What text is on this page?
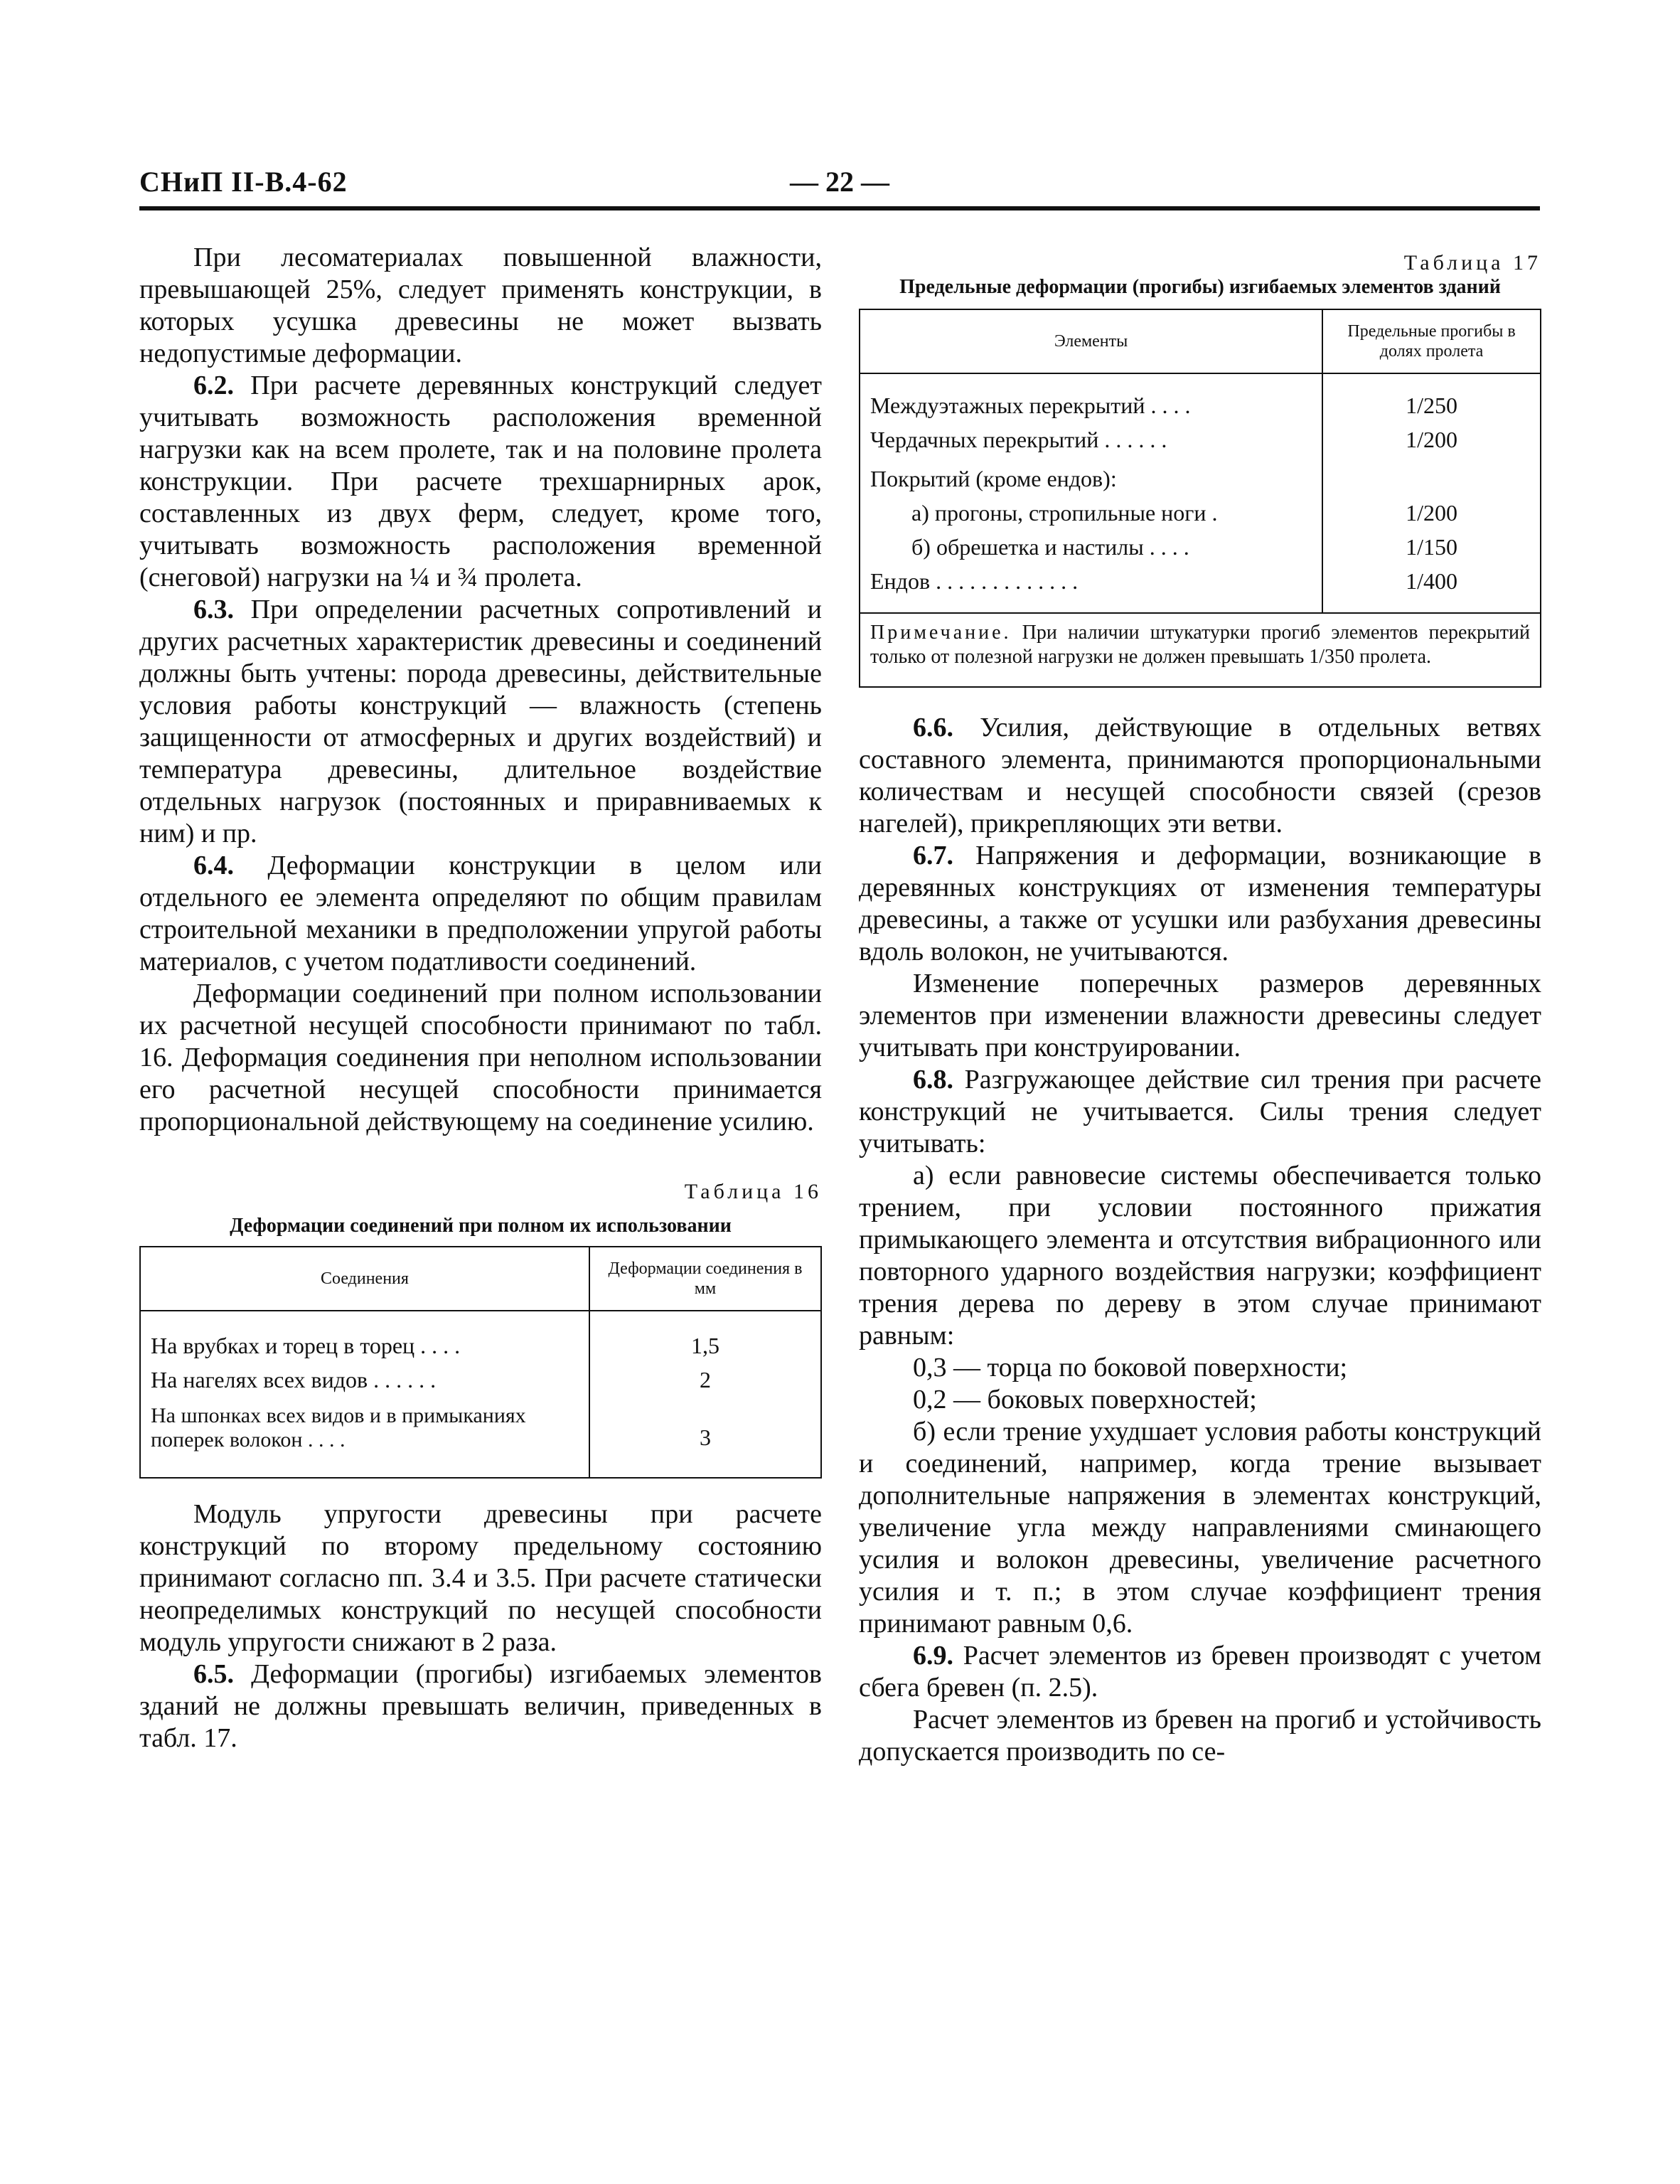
СНиП II-В.4-62	— 22 —

При лесоматериалах повышенной влажности, превышающей 25%, следует применять конструкции, в которых усушка древесины не может вызвать недопустимые деформации.

6.2. При расчете деревянных конструкций следует учитывать возможность расположения временной нагрузки как на всем пролете, так и на половине пролета конструкции. При расчете трехшарнирных арок, составленных из двух ферм, следует, кроме того, учитывать возможность расположения временной (снеговой) нагрузки на ¼ и ¾ пролета.

6.3. При определении расчетных сопротивлений и других расчетных характеристик древесины и соединений должны быть учтены: порода древесины, действительные условия работы конструкций — влажность (степень защищенности от атмосферных и других воздействий) и температура древесины, длительное воздействие отдельных нагрузок (постоянных и приравниваемых к ним) и пр.

6.4. Деформации конструкции в целом или отдельного ее элемента определяют по общим правилам строительной механики в предположении упругой работы материалов, с учетом податливости соединений.

Деформации соединений при полном использовании их расчетной несущей способности принимают по табл. 16. Деформация соединения при неполном использовании его расчетной несущей способности принимается пропорциональной действующему на соединение усилию.

Таблица 16
Деформации соединений при полном их использовании
Соединения	Деформации соединения в мм

На врубках и торец в торец . . . .	1,5
На нагелях всех видов . . . . . .	2
На шпонках всех видов и в примыканиях поперек волокон . . . .	3

Модуль упругости древесины при расчете конструкций по второму предельному состоянию принимают согласно пп. 3.4 и 3.5. При расчете статически неопределимых конструкций по несущей способности модуль упругости снижают в 2 раза.

6.5. Деформации (прогибы) изгибаемых элементов зданий не должны превышать величин, приведенных в табл. 17.

Таблица 17
Предельные деформации (прогибы) изгибаемых элементов зданий
Элементы	Предельные прогибы в долях пролета

Междуэтажных перекрытий . . . .	1/250
Чердачных перекрытий . . . . . .	1/200
Покрытий (кроме ендов):	
а) прогоны, стропильные ноги .	1/200
б) обрешетка и настилы . . . .	1/150
Ендов . . . . . . . . . . . . .	1/400

Примечание. При наличии штукатурки прогиб элементов перекрытий только от полезной нагрузки не должен превышать 1/350 пролета.

6.6. Усилия, действующие в отдельных ветвях составного элемента, принимаются пропорциональными количествам и несущей способности связей (срезов нагелей), прикрепляющих эти ветви.

6.7. Напряжения и деформации, возникающие в деревянных конструкциях от изменения температуры древесины, а также от усушки или разбухания древесины вдоль волокон, не учитываются.

Изменение поперечных размеров деревянных элементов при изменении влажности древесины следует учитывать при конструировании.

6.8. Разгружающее действие сил трения при расчете конструкций не учитывается. Силы трения следует учитывать:

а) если равновесие системы обеспечивается только трением, при условии постоянного прижатия примыкающего элемента и отсутствия вибрационного или повторного ударного воздействия нагрузки; коэффициент трения дерева по дереву в этом случае принимают равным:

0,3 — торца по боковой поверхности;

0,2 — боковых поверхностей;

б) если трение ухудшает условия работы конструкций и соединений, например, когда трение вызывает дополнительные напряжения в элементах конструкций, увеличение угла между направлениями сминающего усилия и волокон древесины, увеличение расчетного усилия и т. п.; в этом случае коэффициент трения принимают равным 0,6.

6.9. Расчет элементов из бревен производят с учетом сбега бревен (п. 2.5).

Расчет элементов из бревен на прогиб и устойчивость допускается производить по се-
